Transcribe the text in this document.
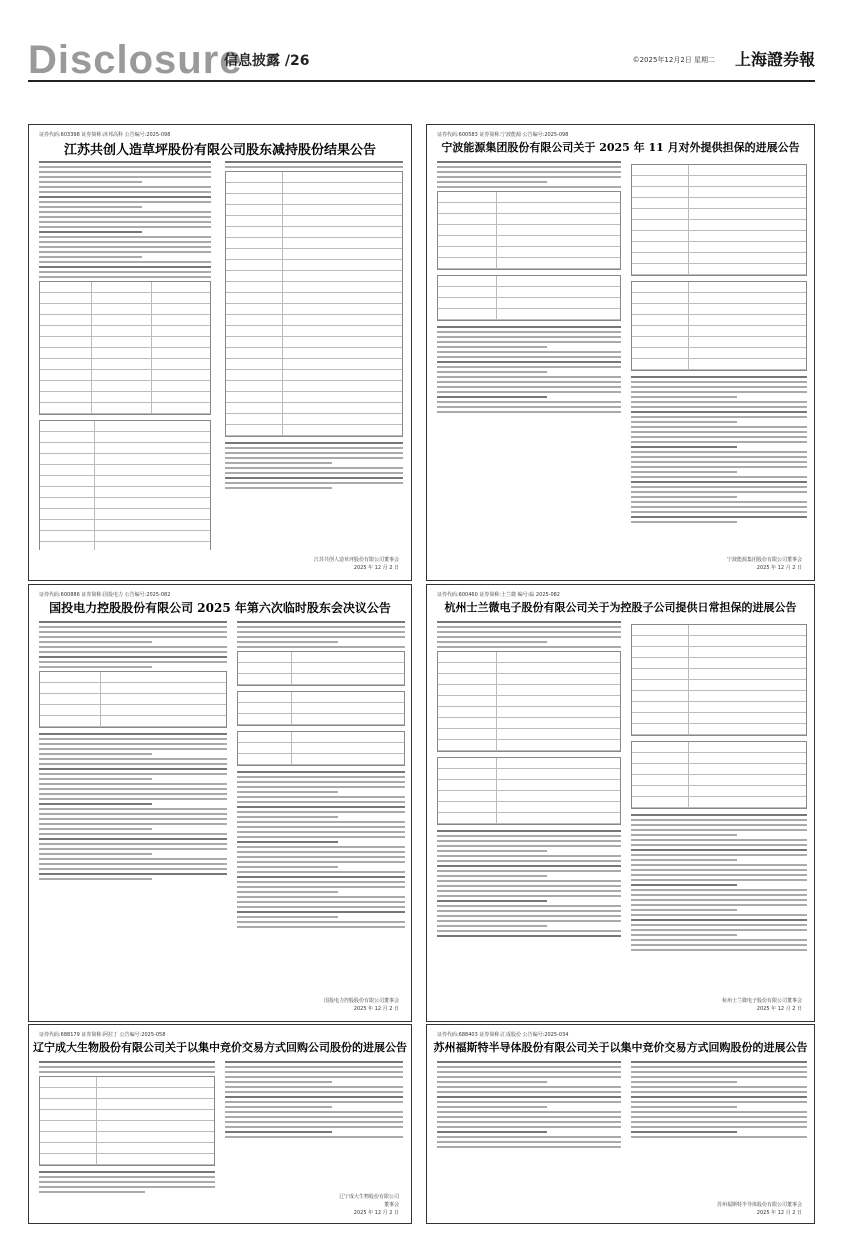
Disclosure
信息披露 /26	©2025年12月2日 星期二 上海證券報
证券代码:603398 证券简称:沐邦高科 公告编号:2025-098
江苏共创人造草坪股份有限公司股东减持股份结果公告
江苏共创人造草坪股份有限公司董事会
2025 年 12 月 2 日
证券代码:600583 证券简称:宁波能源 公告编号:2025-098
宁波能源集团股份有限公司关于 2025 年 11 月对外提供担保的进展公告
宁波能源集团股份有限公司董事会
2025 年 12 月 2 日
证券代码:600886 证券简称:国投电力 公告编号:2025-082
国投电力控股股份有限公司 2025 年第六次临时股东会决议公告
国投电力控股股份有限公司董事会
2025 年 12 月 2 日
证券代码:600460 证券简称:士兰微 编号:临 2025-082
杭州士兰微电子股份有限公司关于为控股子公司提供日常担保的进展公告
杭州士兰微电子股份有限公司董事会
2025 年 12 月 2 日
证券代码:688179 证券简称:阿拉丁 公告编号:2025-058
辽宁成大生物股份有限公司关于以集中竞价交易方式回购公司股份的进展公告
辽宁成大生物股份有限公司
董事会
2025 年 12 月 2 日
证券代码:688403 证券简称:汇成股份 公告编号:2025-034
苏州福斯特半导体股份有限公司关于以集中竞价交易方式回购股份的进展公告
苏州福斯特半导体股份有限公司董事会
2025 年 12 月 2 日
